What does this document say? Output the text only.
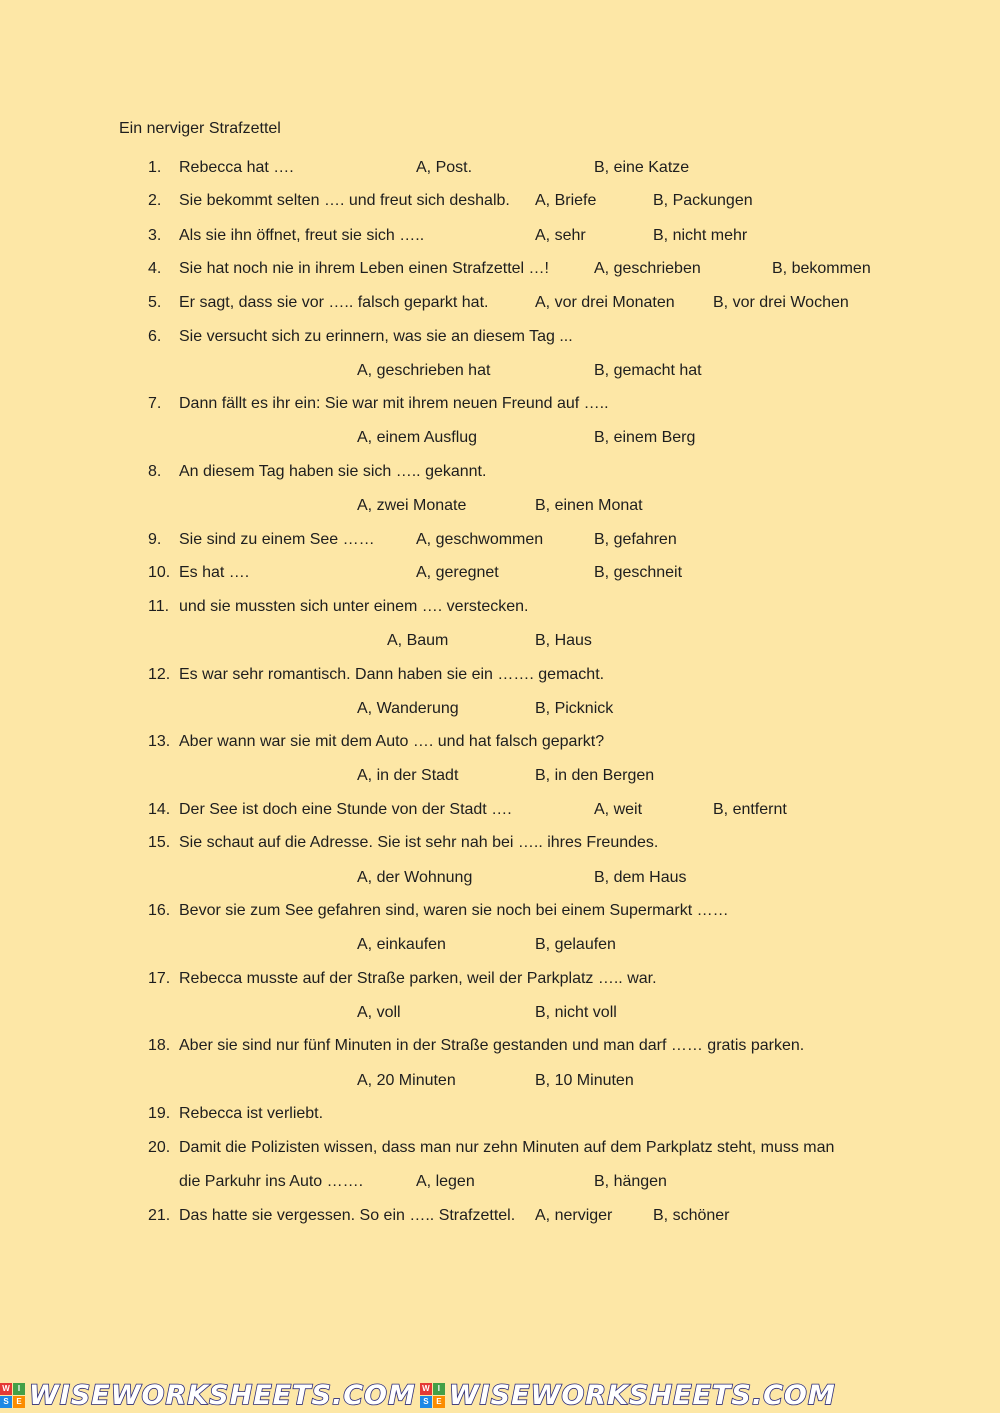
Ein nerviger Strafzettel
1.	Rebecca hat ….	A, Post.	B, eine Katze
2.	Sie bekommt selten …. und freut sich deshalb. A, Briefe	B, Packungen
3.	Als sie ihn öffnet, freut sie sich …..	A, sehr	B, nicht mehr
4.	Sie hat noch nie in ihrem Leben einen Strafzettel …!	A, geschrieben	B, bekommen
5.	Er sagt, dass sie vor ….. falsch geparkt hat.	A, vor drei Monaten B, vor drei Wochen
6.	Sie versucht sich zu erinnern, was sie an diesem Tag ...
A, geschrieben hat	B, gemacht hat
7.	Dann fällt es ihr ein: Sie war mit ihrem neuen Freund auf …..
A, einem Ausflug	B, einem Berg
8.	An diesem Tag haben sie sich ….. gekannt.
A, zwei Monate	B, einen Monat
9.	Sie sind zu einem See ……	A, geschwommen	B, gefahren
10. Es hat ….	A, geregnet	B, geschneit
11. und sie mussten sich unter einem …. verstecken.
A, Baum	B, Haus
12. Es war sehr romantisch. Dann haben sie ein ……. gemacht.
A, Wanderung	B, Picknick
13. Aber wann war sie mit dem Auto …. und hat falsch geparkt?
A, in der Stadt	B, in den Bergen
14. Der See ist doch eine Stunde von der Stadt ….	A, weit	B, entfernt
15. Sie schaut auf die Adresse. Sie ist sehr nah bei ….. ihres Freundes.
A, der Wohnung	B, dem Haus
16. Bevor sie zum See gefahren sind, waren sie noch bei einem Supermarkt ……
A, einkaufen	B, gelaufen
17. Rebecca musste auf der Straße parken, weil der Parkplatz ….. war.
A, voll	B, nicht voll
18. Aber sie sind nur fünf Minuten in der Straße gestanden und man darf …… gratis parken.
A, 20 Minuten	B, 10 Minuten
19. Rebecca ist verliebt.
20. Damit die Polizisten wissen, dass man nur zehn Minuten auf dem Parkplatz steht, muss man
die Parkuhr ins Auto …….	A, legen	B, hängen
21. Das hatte sie vergessen. So ein ….. Strafzettel. A, nerviger	B, schöner
W	I
S E WISEWORKSHEETS.COM W	I
S E WISEWORKSHEETS.COM
